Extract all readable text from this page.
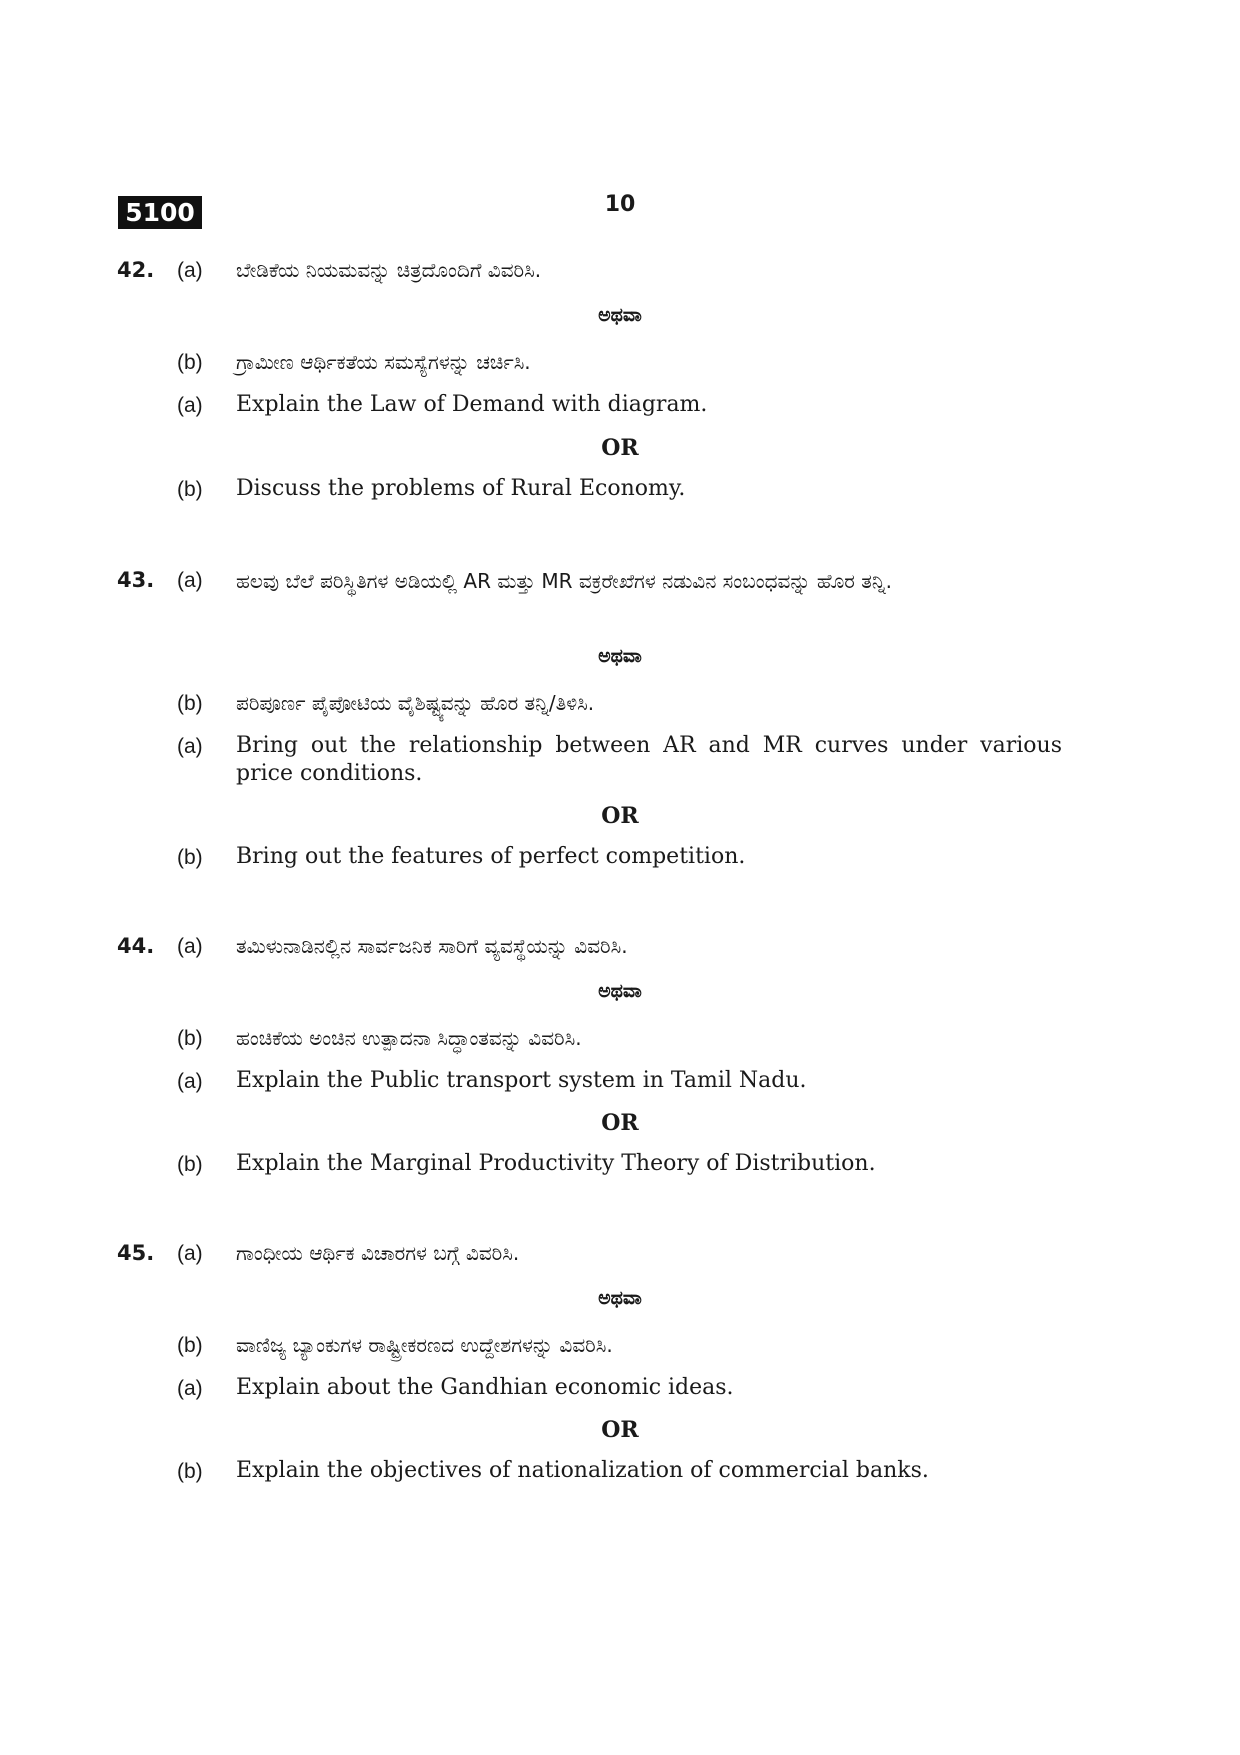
5100	10
42. (a) ಬೇಡಿಕೆಯ ನಿಯಮವನ್ನು ಚಿತ್ರದೊಂದಿಗೆ ವಿವರಿಸಿ.
ಅಥವಾ
(b) ಗ್ರಾಮೀಣ ಆರ್ಥಿಕತೆಯ ಸಮಸ್ಯೆಗಳನ್ನು ಚರ್ಚಿಸಿ.
(a) Explain the Law of Demand with diagram.
OR
(b) Discuss the problems of Rural Economy.
43. (a) ಹಲವು ಬೆಲೆ ಪರಿಸ್ಥಿತಿಗಳ ಅಡಿಯಲ್ಲಿ AR ಮತ್ತು MR ವಕ್ರರೇಖೆಗಳ ನಡುವಿನ ಸಂಬಂಧವನ್ನು ಹೊರ ತನ್ನಿ.
ಅಥವಾ
(b) ಪರಿಪೂರ್ಣ ಪೈಪೋಟಿಯ ವೈಶಿಷ್ಟ್ಯವನ್ನು ಹೊರ ತನ್ನಿ/ತಿಳಿಸಿ.
(a) Bring out the relationship between AR and MR curves under various price conditions.
OR
(b) Bring out the features of perfect competition.
44. (a) ತಮಿಳುನಾಡಿನಲ್ಲಿನ ಸಾರ್ವಜನಿಕ ಸಾರಿಗೆ ವ್ಯವಸ್ಥೆಯನ್ನು ವಿವರಿಸಿ.
ಅಥವಾ
(b) ಹಂಚಿಕೆಯ ಅಂಚಿನ ಉತ್ಪಾದನಾ ಸಿದ್ಧಾಂತವನ್ನು ವಿವರಿಸಿ.
(a) Explain the Public transport system in Tamil Nadu.
OR
(b) Explain the Marginal Productivity Theory of Distribution.
45. (a) ಗಾಂಧೀಯ ಆರ್ಥಿಕ ವಿಚಾರಗಳ ಬಗ್ಗೆ ವಿವರಿಸಿ.
ಅಥವಾ
(b) ವಾಣಿಜ್ಯ ಬ್ಯಾಂಕುಗಳ ರಾಷ್ಟ್ರೀಕರಣದ ಉದ್ದೇಶಗಳನ್ನು ವಿವರಿಸಿ.
(a) Explain about the Gandhian economic ideas.
OR
(b) Explain the objectives of nationalization of commercial banks.
